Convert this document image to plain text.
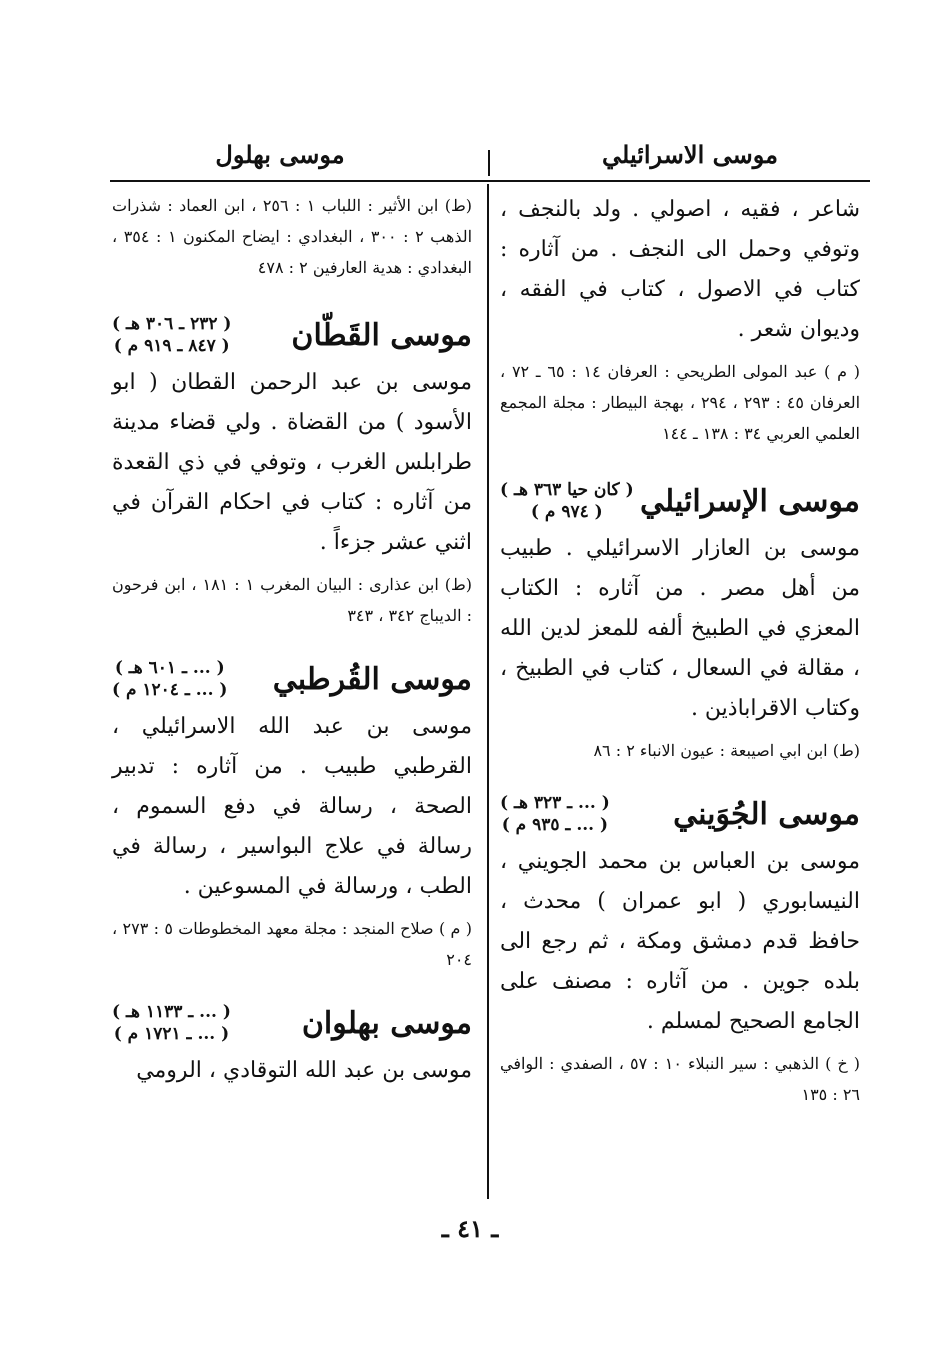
موسى الاسرائيلي
موسى بهلول

شاعر ، فقيه ، اصولي . ولد بالنجف ، وتوفي وحمل الى النجف . من آثاره : كتاب في الاصول ، كتاب في الفقه ، وديوان شعر .

( م ) عبد المولى الطريحي : العرفان ١٤ : ٦٥ ـ ٧٢ ، العرفان ٤٥ : ٢٩٣ ، ٢٩٤ ، بهجة البيطار : مجلة المجمع العلمي العربي ٣٤ : ١٣٨ ـ ١٤٤

موسى الإسرائيلي
( كان حيا ٣٦٣ هـ )
( ٩٧٤ م )

موسى بن العازار الاسرائيلي . طبيب من أهل مصر . من آثاره : الكتاب المعزي في الطبيخ ألفه للمعز لدين الله ، مقالة في السعال ، كتاب في الطبيخ ، وكتاب الاقراباذين .

(ط) ابن ابي اصيبعة : عيون الانباء ٢ : ٨٦

موسى الجُوَيني
( ... ـ ٣٢٣ هـ )
( ... ـ ٩٣٥ م )

موسى بن العباس بن محمد الجويني ، النيسابوري ( ابو عمران ) محدث ، حافظ قدم دمشق ومكة ، ثم رجع الى بلده جوين . من آثاره : مصنف على الجامع الصحيح لمسلم .

( خ ) الذهبي : سير النبلاء ١٠ : ٥٧ ، الصفدي : الوافي ٢٦ : ١٣٥

(ط) ابن الأثير : اللباب ١ : ٢٥٦ ، ابن العماد : شذرات الذهب ٢ : ٣٠٠ ، البغدادي : ايضاح المكنون ١ : ٣٥٤ ، البغدادي : هدية العارفين ٢ : ٤٧٨

موسى القَطّان
( ٢٣٢ ـ ٣٠٦ هـ )
( ٨٤٧ ـ ٩١٩ م )

موسى بن عبد الرحمن القطان ( ابو الأسود ) من القضاة . ولي قضاء مدينة طرابلس الغرب ، وتوفي في ذي القعدة من آثاره : كتاب في احكام القرآن في اثني عشر جزءاً .

(ط) ابن عذارى : البيان المغرب ١ : ١٨١ ، ابن فرحون : الديباج ٣٤٢ ، ٣٤٣

موسى القُرطبي
( ... ـ ٦٠١ هـ )
( ... ـ ١٢٠٤ م )

موسى بن عبد الله الاسرائيلي ، القرطبي طبيب . من آثاره : تدبير الصحة ، رسالة في دفع السموم ، رسالة في علاج البواسير ، رسالة في الطب ، ورسالة في المسوعين .

( م ) صلاح المنجد : مجلة معهد المخطوطات ٥ : ٢٧٣ ، ٢٠٤

موسى بهلوان
( ... ـ ١١٣٣ هـ )
( ... ـ ١٧٢١ م )

موسى بن عبد الله التوقادي ، الرومي

ـ ٤١ ـ
